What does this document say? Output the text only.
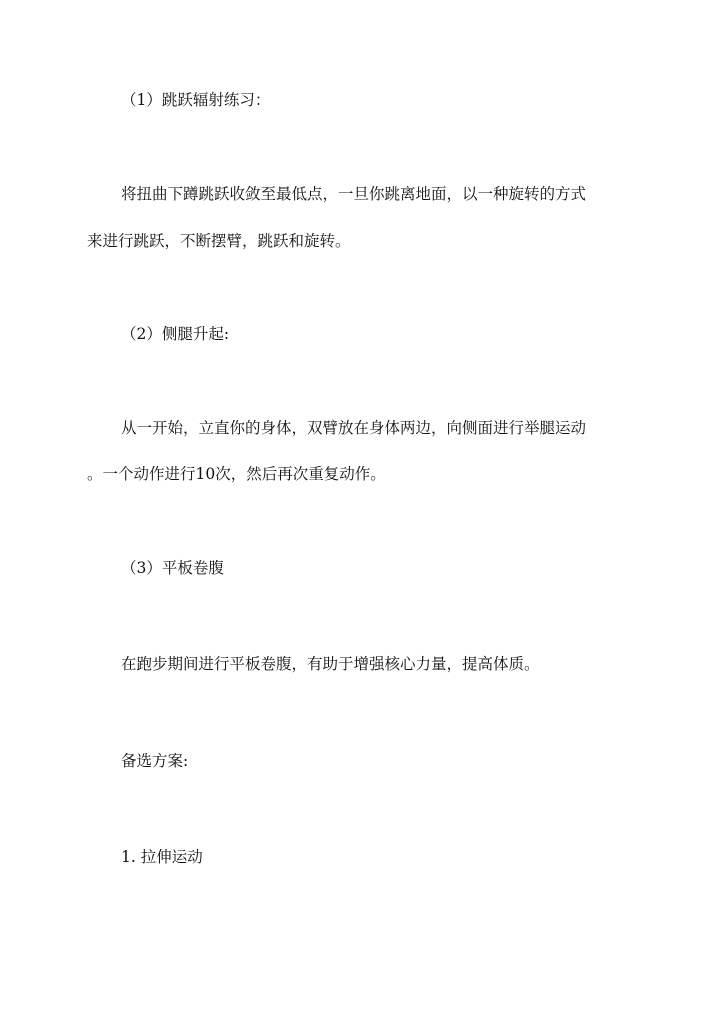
（1）跳跃辐射练习：
将扭曲下蹲跳跃收敛至最低点，一旦你跳离地面，以一种旋转的方式
来进行跳跃，不断摆臂，跳跃和旋转。
（2）侧腿升起:
从一开始，立直你的身体，双臂放在身体两边，向侧面进行举腿运动
。一个动作进行10次，然后再次重复动作。
（3）平板卷腹
在跑步期间进行平板卷腹，有助于增强核心力量，提高体质。
备选方案:
1. 拉伸运动
